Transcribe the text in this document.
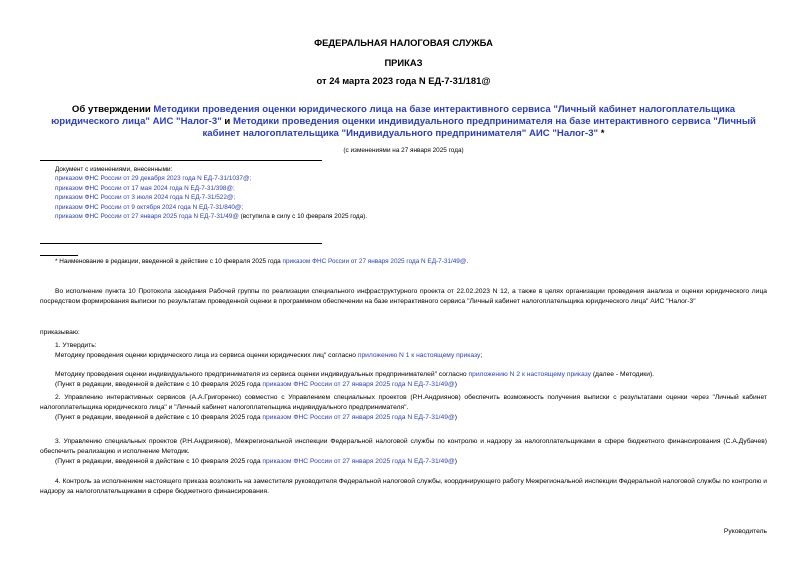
ФЕДЕРАЛЬНАЯ НАЛОГОВАЯ СЛУЖБА
ПРИКАЗ
от 24 марта 2023 года N ЕД-7-31/181@
Об утверждении Методики проведения оценки юридического лица на базе интерактивного сервиса "Личный кабинет налогоплательщика юридического лица" АИС "Налог-3" и Методики проведения оценки индивидуального предпринимателя на базе интерактивного сервиса "Личный кабинет налогоплательщика "Индивидуального предпринимателя" АИС "Налог-3" *
(с изменениями на 27 января 2025 года)
Документ с изменениями, внесенными:
приказом ФНС России от 29 декабря 2023 года N ЕД-7-31/1037@;
приказом ФНС России от 17 мая 2024 года N ЕД-7-31/398@;
приказом ФНС России от 3 июля 2024 года N ЕД-7-31/522@;
приказом ФНС России от 9 октября 2024 года N ЕД-7-31/840@;
приказом ФНС России от 27 января 2025 года N ЕД-7-31/49@ (вступила в силу с 10 февраля 2025 года).
* Наименование в редакции, введенной в действие с 10 февраля 2025 года приказом ФНС России от 27 января 2025 года N ЕД-7-31/49@.
Во исполнение пункта 10 Протокола заседания Рабочей группы по реализации специального инфраструктурного проекта от 22.02.2023 N 12, а также в целях организации проведения анализа и оценки юридического лица посредством формирования выписки по результатам проведенной оценки в программном обеспечении на базе интерактивного сервиса "Личный кабинет налогоплательщика юридического лица" АИС "Налог-3"
приказываю:
1. Утвердить:
Методику проведения оценки юридического лица из сервиса оценки юридических лиц" согласно приложению N 1 к настоящему приказу;
Методику проведения оценки индивидуального предпринимателя из сервиса оценки индивидуальных предпринимателей" согласно приложению N 2 к настоящему приказу (далее - Методики).
(Пункт в редакции, введенной в действие с 10 февраля 2025 года приказом ФНС России от 27 января 2025 года N ЕД-7-31/49@)
2. Управлению интерактивных сервисов (А.А.Григоренко) совместно с Управлением специальных проектов (Р.Н.Андриянов) обеспечить возможность получения выписки с результатами оценки через "Личный кабинет налогоплательщика юридического лица" и "Личный кабинет налогоплательщика индивидуального предпринимателя".
(Пункт в редакции, введенной в действие с 10 февраля 2025 года приказом ФНС России от 27 января 2025 года N ЕД-7-31/49@)
3. Управлению специальных проектов (Р.Н.Андриянов), Межрегиональной инспекции Федеральной налоговой службы по контролю и надзору за налогоплательщиками в сфере бюджетного финансирования (С.А.Дубачев) обеспечить реализацию и исполнение Методик.
(Пункт в редакции, введенной в действие с 10 февраля 2025 года приказом ФНС России от 27 января 2025 года N ЕД-7-31/49@)
4. Контроль за исполнением настоящего приказа возложить на заместителя руководителя Федеральной налоговой службы, координирующего работу Межрегиональной инспекции Федеральной налоговой службы по контролю и надзору за налогоплательщиками в сфере бюджетного финансирования.
Руководитель
